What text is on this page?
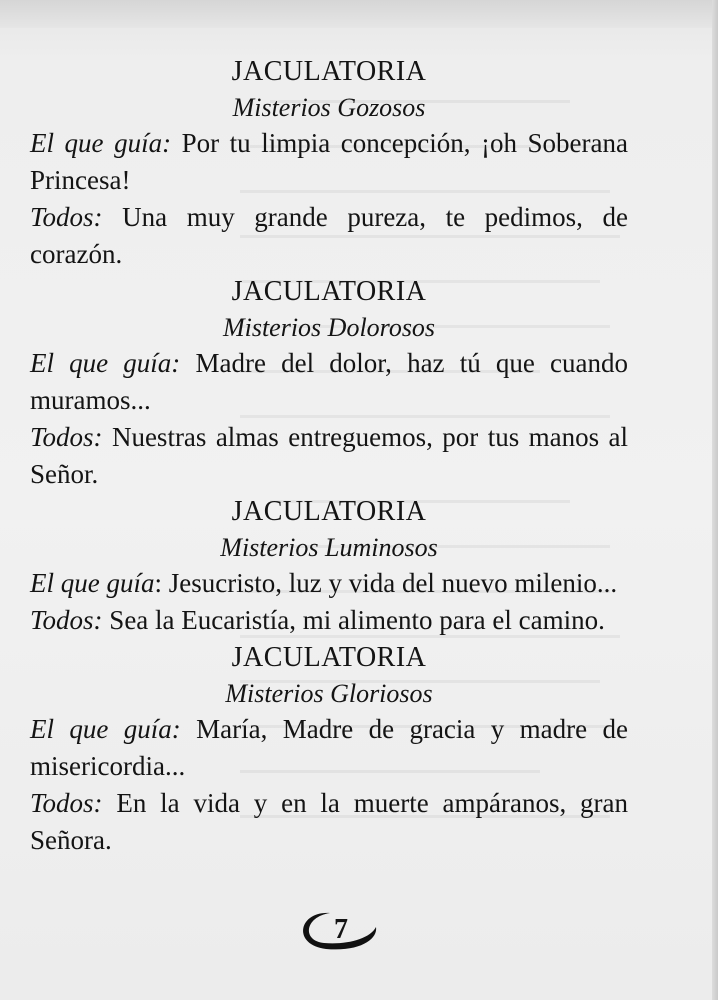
JACULATORIA
Misterios Gozosos

El que guía: Por tu limpia concepción, ¡oh Soberana Princesa!

Todos: Una muy grande pureza, te pedimos, de corazón.

JACULATORIA
Misterios Dolorosos

El que guía: Madre del dolor, haz tú que cuando muramos...

Todos: Nuestras almas entreguemos, por tus manos al Señor.

JACULATORIA
Misterios Luminosos

El que guía: Jesucristo, luz y vida del nuevo milenio...

Todos: Sea la Eucaristía, mi alimento para el camino.

JACULATORIA
Misterios Gloriosos

El que guía: María, Madre de gracia y madre de misericordia...

Todos: En la vida y en la muerte ampáranos, gran Señora.

7
